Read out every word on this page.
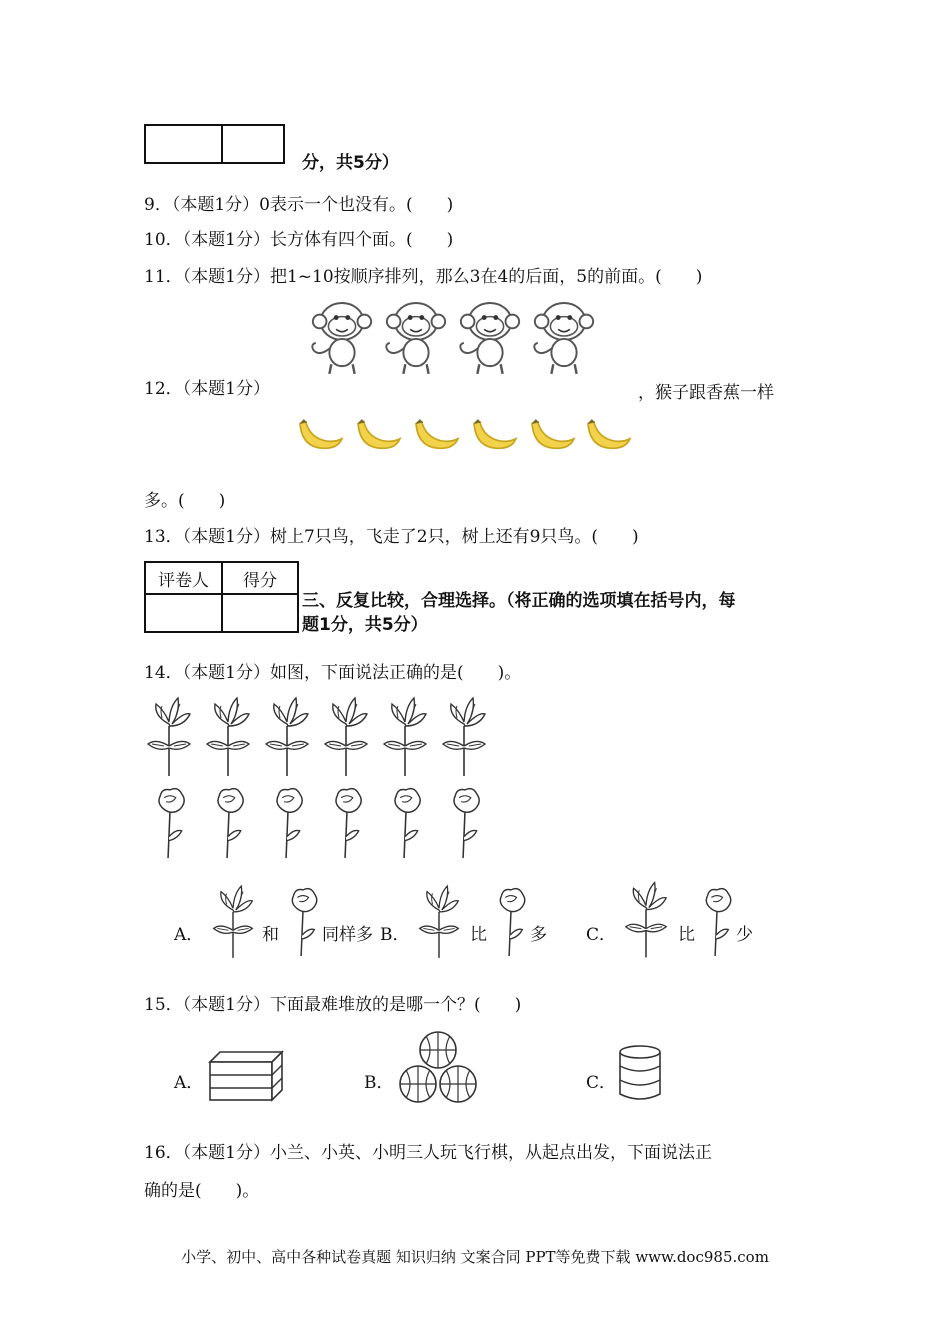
分，共5分）
9．（本题1分）0表示一个也没有。(　　)
10．（本题1分）长方体有四个面。(　　)
11．（本题1分）把1~10按顺序排列，那么3在4的后面，5的前面。(　　)
12．（本题1分）	，猴子跟香蕉一样
多。(　　)
13．（本题1分）树上7只鸟，飞走了2只，树上还有9只鸟。(　　)
评卷人	得分

三、反复比较，合理选择。（将正确的选项填在括号内，每
题1分，共5分）
14．（本题1分）如图，下面说法正确的是(　　)。
A．	和	同样多 B．	比	多 C．	比 少
15．（本题1分）下面最难堆放的是哪一个？(　　)
A．	B．	C．
16．（本题1分）小兰、小英、小明三人玩飞行棋，从起点出发，下面说法正
确的是(　　)。
小学、初中、高中各种试卷真题 知识归纳 文案合同 PPT等免费下载 www.doc985.com
